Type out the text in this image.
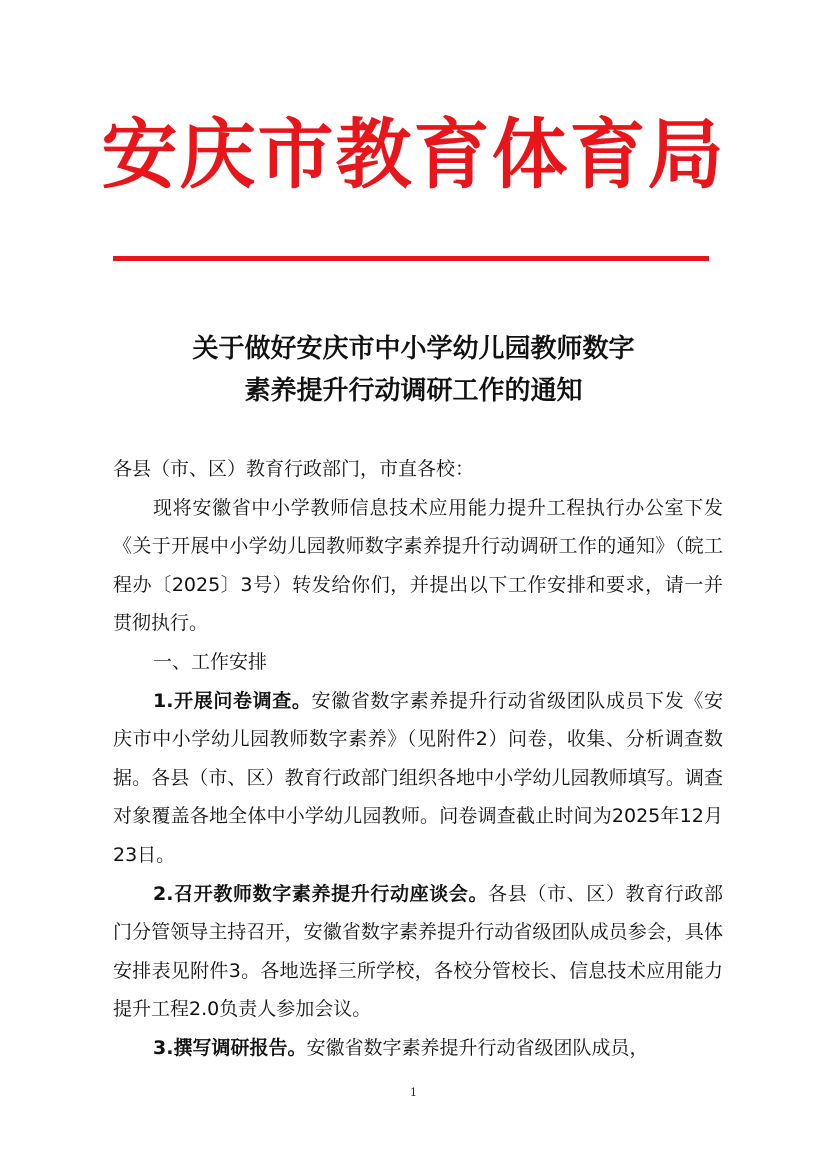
安庆市教育体育局
关于做好安庆市中小学幼儿园教师数字
素养提升行动调研工作的通知

各县（市、区）教育行政部门，市直各校：

现将安徽省中小学教师信息技术应用能力提升工程执行办公室下发《关于开展中小学幼儿园教师数字素养提升行动调研工作的通知》（皖工程办〔2025〕3号）转发给你们，并提出以下工作安排和要求，请一并贯彻执行。

一、工作安排

1.开展问卷调查。安徽省数字素养提升行动省级团队成员下发《安庆市中小学幼儿园教师数字素养》（见附件2）问卷，收集、分析调查数据。各县（市、区）教育行政部门组织各地中小学幼儿园教师填写。调查对象覆盖各地全体中小学幼儿园教师。问卷调查截止时间为2025年12月23日。

2.召开教师数字素养提升行动座谈会。各县（市、区）教育行政部门分管领导主持召开，安徽省数字素养提升行动省级团队成员参会，具体安排表见附件3。各地选择三所学校，各校分管校长、信息技术应用能力提升工程2.0负责人参加会议。

3.撰写调研报告。安徽省数字素养提升行动省级团队成员，

1
